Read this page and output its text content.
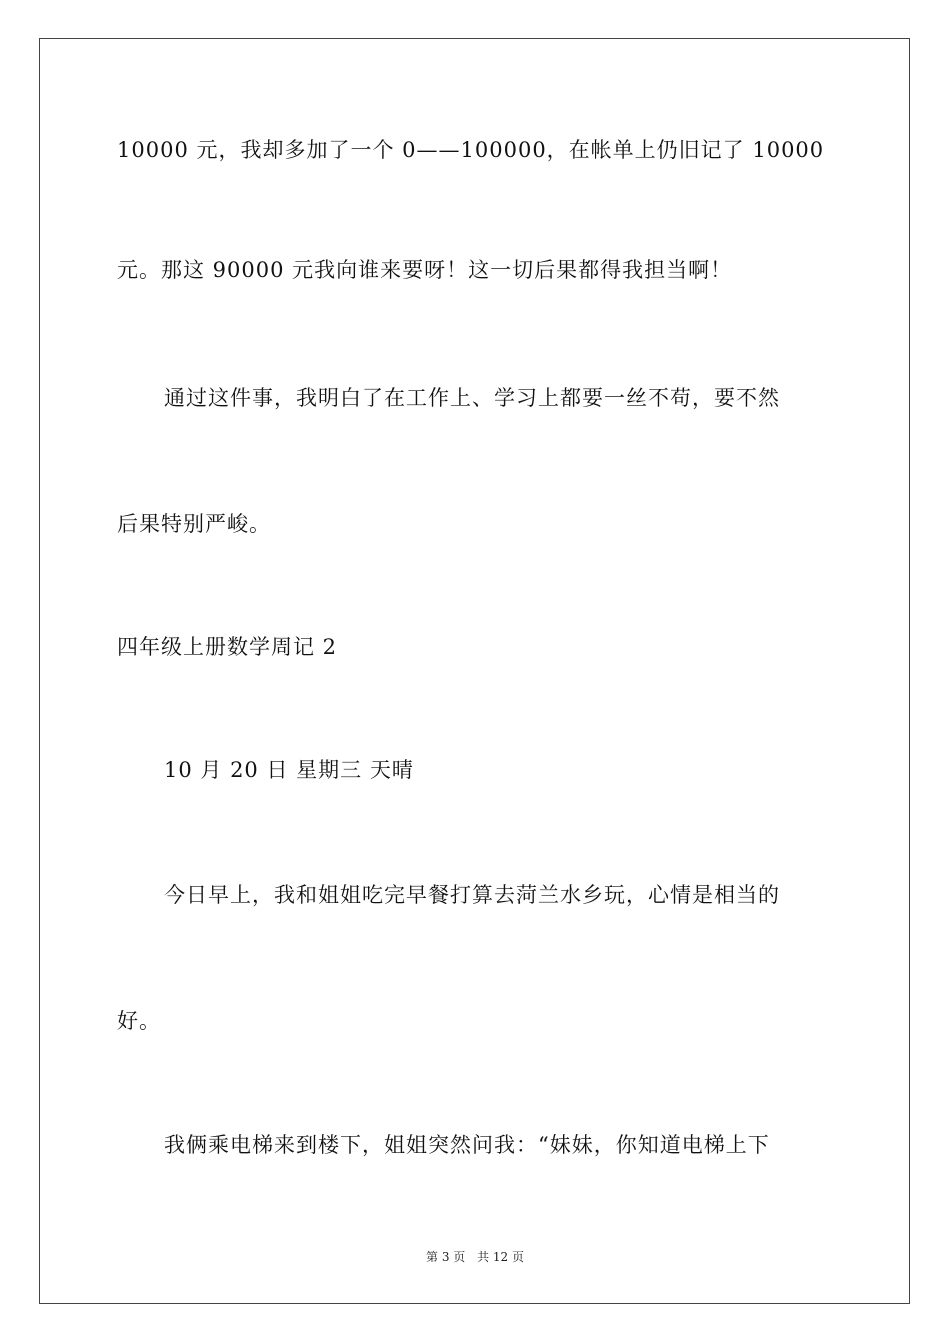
10000 元，我却多加了一个 0——100000，在帐单上仍旧记了 10000
元。那这 90000 元我向谁来要呀！这一切后果都得我担当啊！
通过这件事，我明白了在工作上、学习上都要一丝不苟，要不然
后果特别严峻。
四年级上册数学周记 2
10 月 20 日 星期三 天晴
今日早上，我和姐姐吃完早餐打算去菏兰水乡玩，心情是相当的
好。
我俩乘电梯来到楼下，姐姐突然问我：“妹妹，你知道电梯上下
第 3 页 共 12 页
